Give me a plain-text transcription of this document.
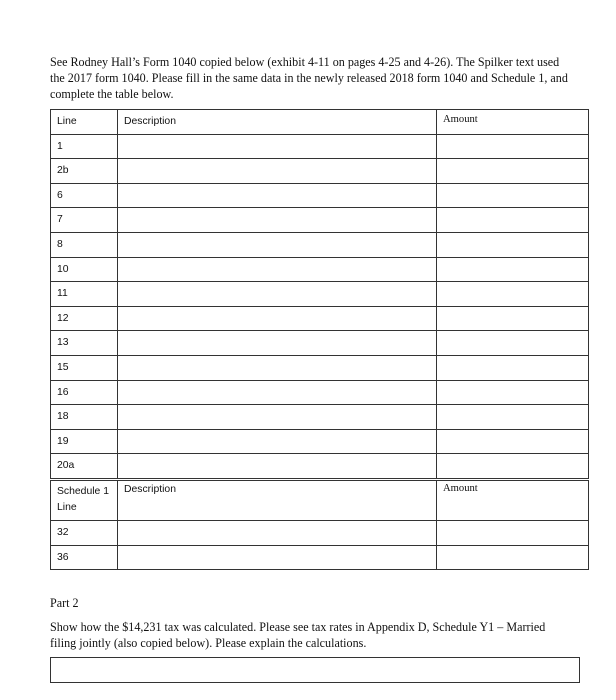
See Rodney Hall’s Form 1040 copied below (exhibit 4-11 on pages 4-25 and 4-26). The Spilker text used the 2017 form 1040. Please fill in the same data in the newly released 2018 form 1040 and Schedule 1, and complete the table below.
Line	Description	Amount

1		

2b		

6		

7		

8		

10		

11		

12		

13		

15		

16		

18		

19		

20a		

Schedule 1
Line	Description	Amount

32		

36		

Part 2
Show how the $14,231 tax was calculated. Please see tax rates in Appendix D, Schedule Y1 – Married filing jointly (also copied below). Please explain the calculations.
